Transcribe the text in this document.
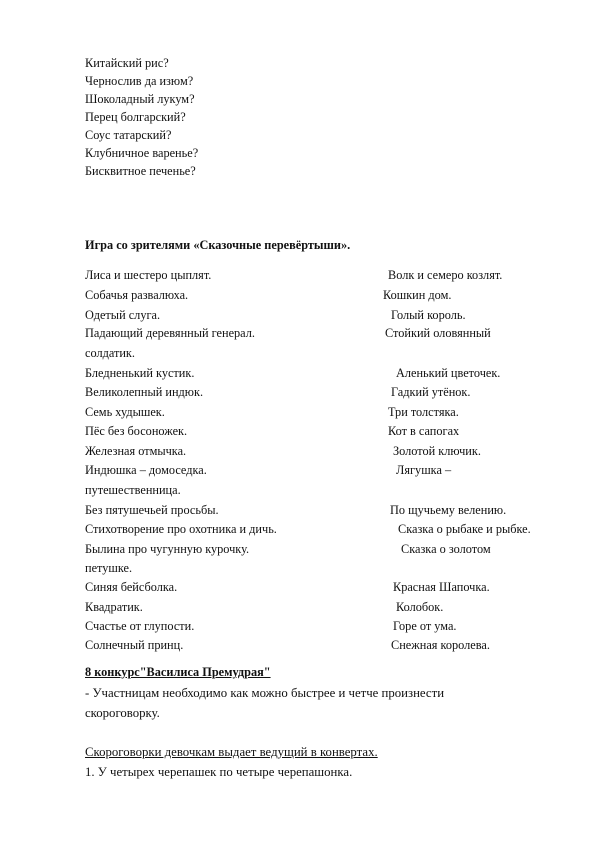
Китайский рис?
Чернослив да изюм?
Шоколадный лукум?
Перец болгарский?
Соус татарский?
Клубничное варенье?
Бисквитное печенье?
Игра со зрителями «Сказочные перевёртыши».
Лиса и шестеро цыплят.
Собачья развалюха.
Одетый слуга.
Падающий деревянный генерал.
солдатик.
Бледненький кустик.
Великолепный индюк.
Семь худышек.
Пёс без босоножек.
Железная отмычка.
Индюшка – домоседка.
путешественница.
Без пятушечьей просьбы.
Стихотворение про охотника и дичь.
Былина про чугунную курочку.
петушке.
Синяя бейсболка.
Квадратик.
Счастье от глупости.
Солнечный принц.
Волк и семеро козлят.
Кошкин дом.
Голый король.
Стойкий оловянный
Аленький цветочек.
Гадкий утёнок.
Три толстяка.
Кот в сапогах
Золотой ключик.
Лягушка –
По щучьему велению.
Сказка о рыбаке и рыбке.
Сказка о золотом
Красная Шапочка.
Колобок.
Горе от ума.
Снежная королева.
8 конкурс"Василиса Премудрая"
- Участницам необходимо как можно быстрее и четче произнести
скороговорку.
Скороговорки девочкам выдает ведущий в конвертах.
1. У четырех черепашек по четыре черепашонка.
